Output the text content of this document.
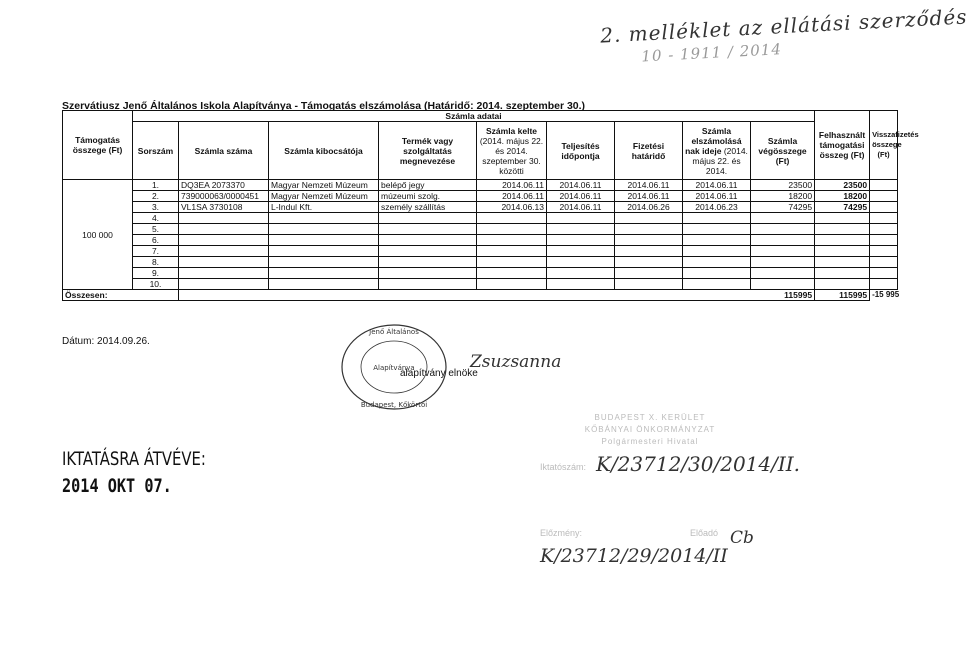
2. melléklet az ellátási szerződés
10 - 1911 / 2014
Szervátiusz Jenő Általános Iskola Alapítványa - Támogatás elszámolása (Határidő: 2014. szeptember 30.)
Támogatás összege (Ft)	Számla adatai									Felhasznált támogatási összeg (Ft)	Visszafizetés összege (Ft)
	Sorszám	Számla száma	Számla kibocsátója	Termék vagy szolgáltatás megnevezése	Számla kelte (2014. május 22. és 2014. szeptember 30. közötti	Teljesítés időpontja	Fizetési határidő	Számla elszámolásá nak ideje (2014. május 22. és 2014.	Számla végösszege (Ft)		
100 000	1.	DQ3EA 2073370	Magyar Nemzeti Múzeum	belépő jegy	2014.06.11	2014.06.11	2014.06.11	2014.06.11	23500	23500	
	2.	739000063/0000451	Magyar Nemzeti Múzeum	múzeumi szolg.	2014.06.11	2014.06.11	2014.06.11	2014.06.11	18200	18200	
	3.	VL1SA 3730108	L-Indul Kft.	személy szállítás	2014.06.13	2014.06.11	2014.06.26	2014.06.23	74295	74295	
	4.										
	5.										
	6.										
	7.										
	8.										
	9.										
	10.										
Összesen:		115995								115995	-15 995
Dátum: 2014.09.26.
Alapítványa
Jenő Általános
Budapest, Kőkörtöi
Zsuzsanna
alapítvány elnöke
IKTATÁSRA ÁTVÉVE:
2014 OKT 07.
BUDAPEST X. KERÜLET
KŐBÁNYAI ÖNKORMÁNYZAT
Polgármesteri Hivatal
Iktatószám: K/23712/30/2014/II.
Előzmény:	Előadó Cb
K/23712/29/2014/II
